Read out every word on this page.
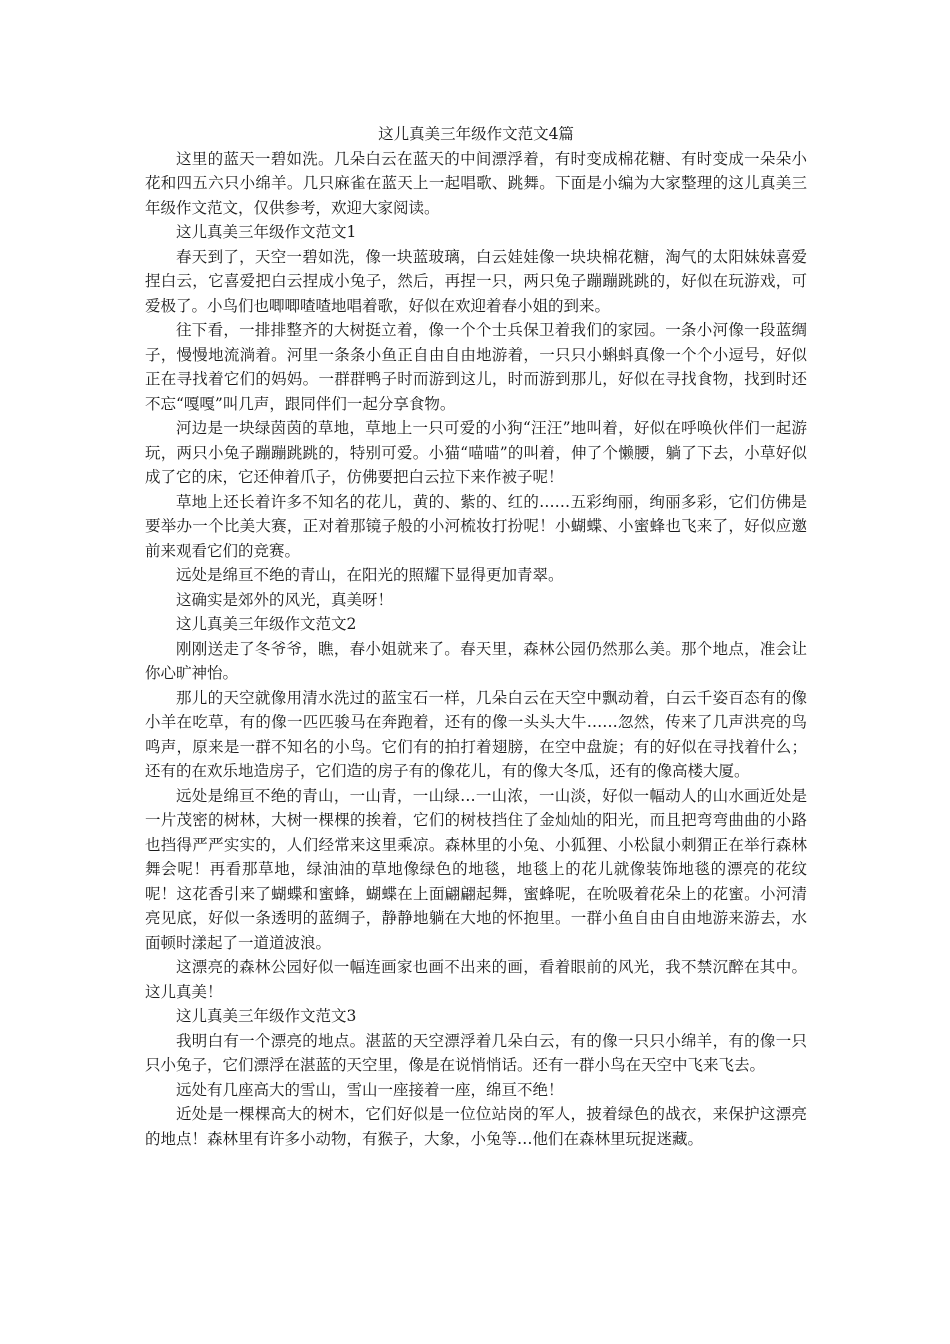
这儿真美三年级作文范文4篇

这里的蓝天一碧如洗。几朵白云在蓝天的中间漂浮着，有时变成棉花糖、有时变成一朵朵小花和四五六只小绵羊。几只麻雀在蓝天上一起唱歌、跳舞。下面是小编为大家整理的这儿真美三年级作文范文，仅供参考，欢迎大家阅读。

这儿真美三年级作文范文1

春天到了，天空一碧如洗，像一块蓝玻璃，白云娃娃像一块块棉花糖，淘气的太阳妹妹喜爱捏白云，它喜爱把白云捏成小兔子，然后，再捏一只，两只兔子蹦蹦跳跳的，好似在玩游戏，可爱极了。小鸟们也唧唧喳喳地唱着歌，好似在欢迎着春小姐的到来。

往下看，一排排整齐的大树挺立着，像一个个士兵保卫着我们的家园。一条小河像一段蓝绸子，慢慢地流淌着。河里一条条小鱼正自由自由地游着，一只只小蝌蚪真像一个个小逗号，好似正在寻找着它们的妈妈。一群群鸭子时而游到这儿，时而游到那儿，好似在寻找食物，找到时还不忘“嘎嘎”叫几声，跟同伴们一起分享食物。

河边是一块绿茵茵的草地，草地上一只可爱的小狗“汪汪”地叫着，好似在呼唤伙伴们一起游玩，两只小兔子蹦蹦跳跳的，特别可爱。小猫“喵喵”的叫着，伸了个懒腰，躺了下去，小草好似成了它的床，它还伸着爪子，仿佛要把白云拉下来作被子呢！

草地上还长着许多不知名的花儿，黄的、紫的、红的……五彩绚丽，绚丽多彩，它们仿佛是要举办一个比美大赛，正对着那镜子般的小河梳妆打扮呢！小蝴蝶、小蜜蜂也飞来了，好似应邀前来观看它们的竞赛。

远处是绵亘不绝的青山，在阳光的照耀下显得更加青翠。

这确实是郊外的风光，真美呀！

这儿真美三年级作文范文2

刚刚送走了冬爷爷，瞧，春小姐就来了。春天里，森林公园仍然那么美。那个地点，准会让你心旷神怡。

那儿的天空就像用清水洗过的蓝宝石一样，几朵白云在天空中飘动着，白云千姿百态有的像小羊在吃草，有的像一匹匹骏马在奔跑着，还有的像一头头大牛……忽然，传来了几声洪亮的鸟鸣声，原来是一群不知名的小鸟。它们有的拍打着翅膀，在空中盘旋；有的好似在寻找着什么；还有的在欢乐地造房子，它们造的房子有的像花儿，有的像大冬瓜，还有的像高楼大厦。

远处是绵亘不绝的青山，一山青，一山绿…一山浓，一山淡，好似一幅动人的山水画近处是一片茂密的树林，大树一棵棵的挨着，它们的树枝挡住了金灿灿的阳光，而且把弯弯曲曲的小路也挡得严严实实的，人们经常来这里乘凉。森林里的小兔、小狐狸、小松鼠小刺猬正在举行森林舞会呢！再看那草地，绿油油的草地像绿色的地毯，地毯上的花儿就像装饰地毯的漂亮的花纹呢！这花香引来了蝴蝶和蜜蜂，蝴蝶在上面翩翩起舞，蜜蜂呢，在吮吸着花朵上的花蜜。小河清亮见底，好似一条透明的蓝绸子，静静地躺在大地的怀抱里。一群小鱼自由自由地游来游去，水面顿时漾起了一道道波浪。

这漂亮的森林公园好似一幅连画家也画不出来的画，看着眼前的风光，我不禁沉醉在其中。这儿真美！

这儿真美三年级作文范文3

我明白有一个漂亮的地点。湛蓝的天空漂浮着几朵白云，有的像一只只小绵羊，有的像一只只小兔子，它们漂浮在湛蓝的天空里，像是在说悄悄话。还有一群小鸟在天空中飞来飞去。

远处有几座高大的雪山，雪山一座接着一座，绵亘不绝！

近处是一棵棵高大的树木，它们好似是一位位站岗的军人，披着绿色的战衣，来保护这漂亮的地点！森林里有许多小动物，有猴子，大象，小兔等…他们在森林里玩捉迷藏。
